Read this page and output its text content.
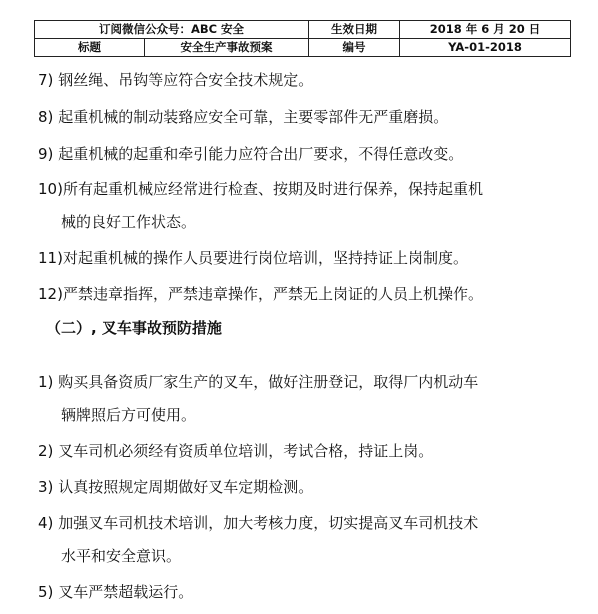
订阅微信公众号：ABC 安全		生效日期	2018 年 6 月 20 日
标题	安全生产事故预案	编号	YA-01-2018

7) 钢丝绳、吊钩等应符合安全技术规定。

8) 起重机械的制动装臵应安全可靠，主要零部件无严重磨损。

9) 起重机械的起重和牵引能力应符合出厂要求，不得任意改变。

10)所有起重机械应经常进行检查、按期及时进行保养，保持起重机

械的良好工作状态。

11)对起重机械的操作人员要进行岗位培训，坚持持证上岗制度。

12)严禁违章指挥，严禁违章操作，严禁无上岗证的人员上机操作。

（二）, 叉车事故预防措施

1) 购买具备资质厂家生产的叉车，做好注册登记，取得厂内机动车

辆牌照后方可使用。

2) 叉车司机必须经有资质单位培训，考试合格，持证上岗。

3) 认真按照规定周期做好叉车定期检测。

4) 加强叉车司机技术培训，加大考核力度，切实提高叉车司机技术

水平和安全意识。

5) 叉车严禁超载运行。
